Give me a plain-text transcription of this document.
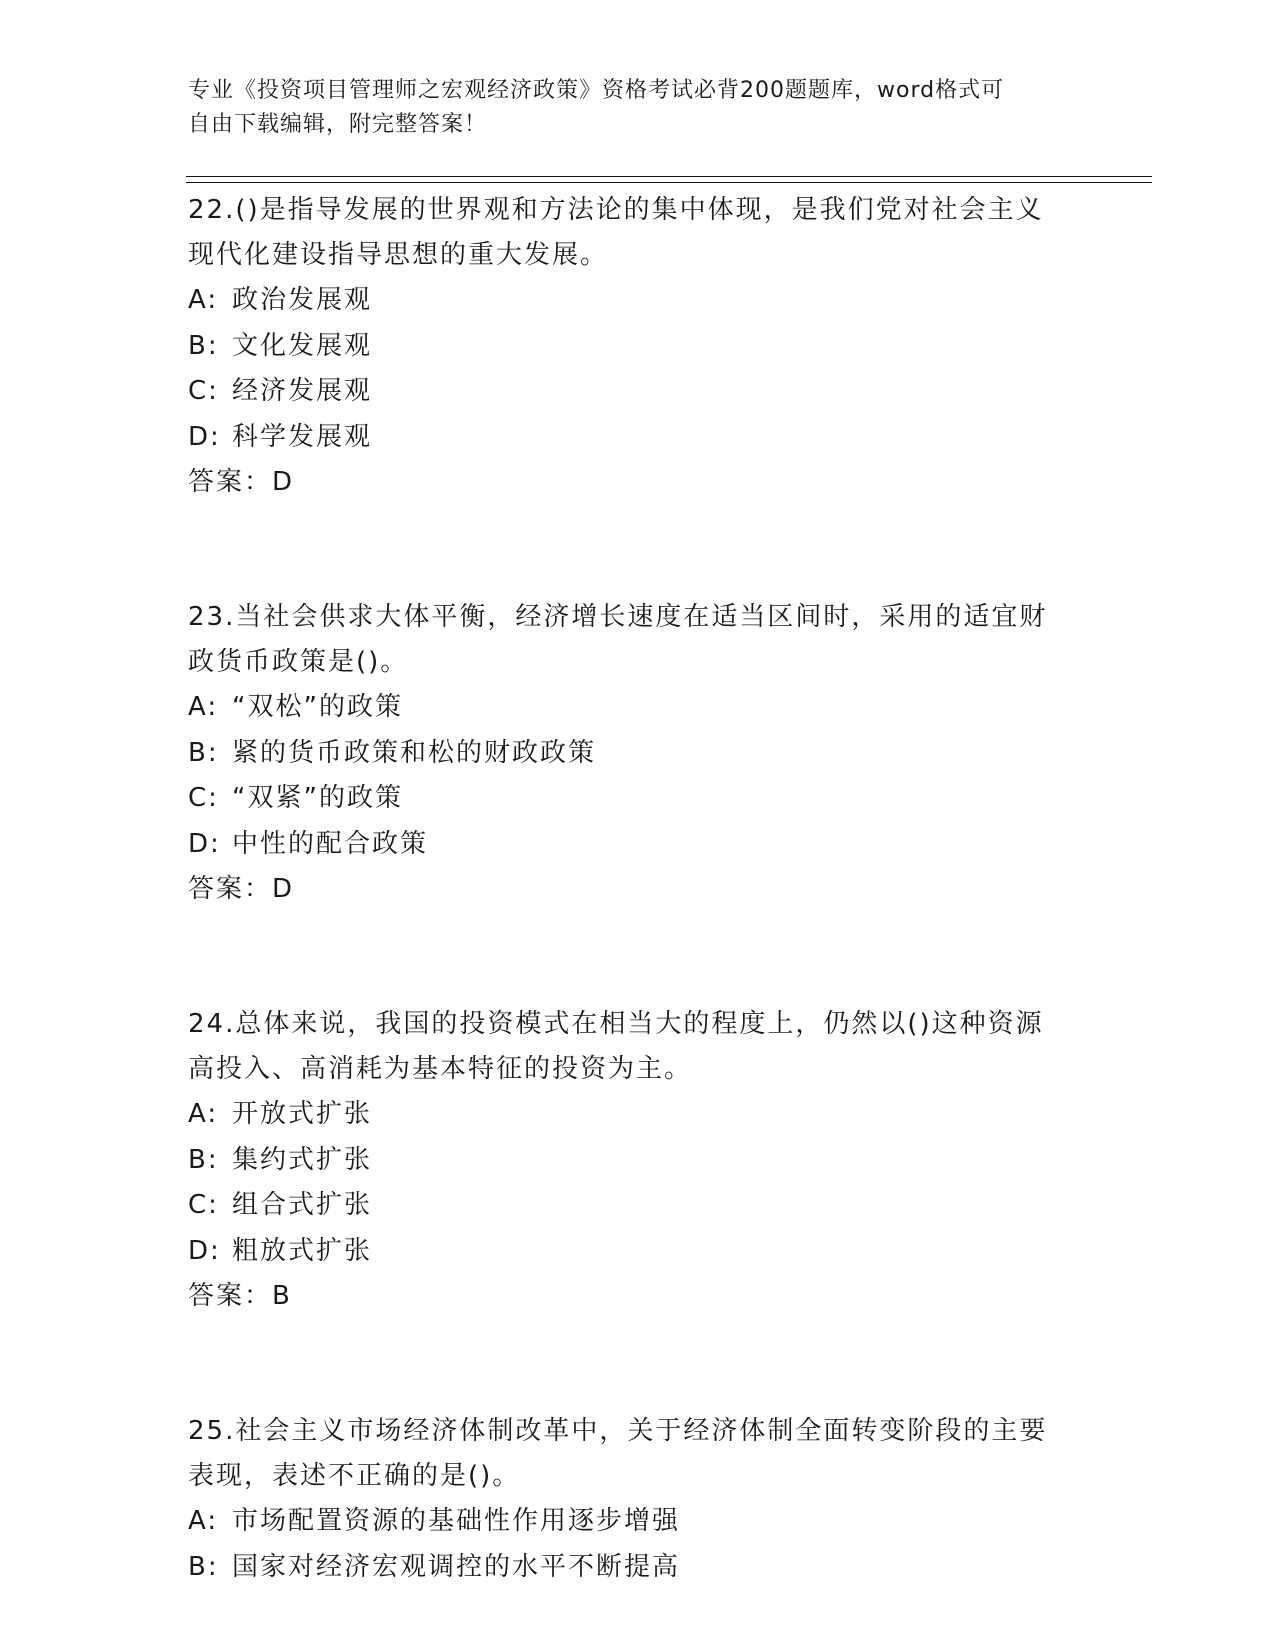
专业《投资项目管理师之宏观经济政策》资格考试必背200题题库，word格式可
自由下载编辑，附完整答案！
22.()是指导发展的世界观和方法论的集中体现，是我们党对社会主义
现代化建设指导思想的重大发展。
A: 政治发展观
B: 文化发展观
C: 经济发展观
D: 科学发展观
答案：D
23.当社会供求大体平衡，经济增长速度在适当区间时，采用的适宜财
政货币政策是()。
A: “双松”的政策
B: 紧的货币政策和松的财政政策
C: “双紧”的政策
D: 中性的配合政策
答案：D
24.总体来说，我国的投资模式在相当大的程度上，仍然以()这种资源
高投入、高消耗为基本特征的投资为主。
A: 开放式扩张
B: 集约式扩张
C: 组合式扩张
D: 粗放式扩张
答案：B
25.社会主义市场经济体制改革中，关于经济体制全面转变阶段的主要
表现，表述不正确的是()。
A: 市场配置资源的基础性作用逐步增强
B: 国家对经济宏观调控的水平不断提高
